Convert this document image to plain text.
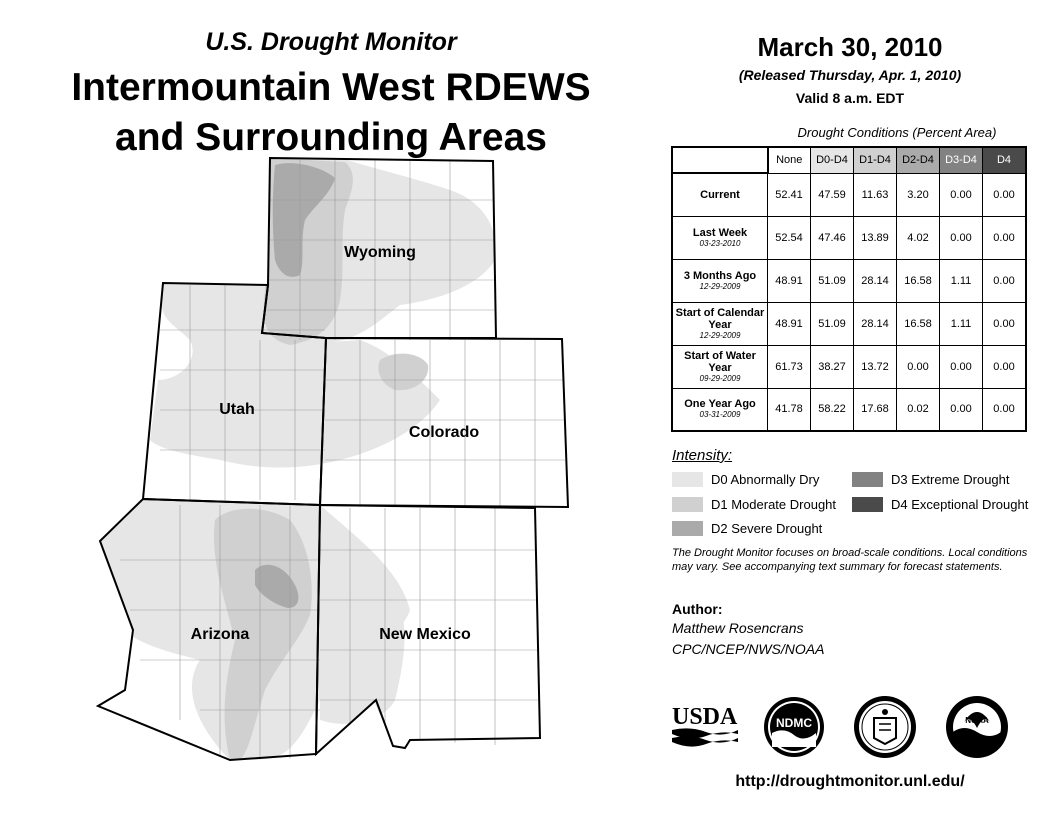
U.S. Drought Monitor
Intermountain West RDEWS
and Surrounding Areas
Wyoming
Utah
Colorado
Arizona	New Mexico
March 30, 2010
(Released Thursday, Apr. 1, 2010)
Valid 8 a.m. EDT
Drought Conditions (Percent Area)
	None	D0-D4	D1-D4	D2-D4	D3-D4	D4
Current	52.41	47.59	11.63	3.20	0.00	0.00
Last Week
03-23-2010	52.54	47.46	13.89	4.02	0.00	0.00
3 Months Ago
12-29-2009	48.91	51.09	28.14	16.58	1.11	0.00
Start of Calendar Year
12-29-2009	48.91	51.09	28.14	16.58	1.11	0.00
Start of Water Year
09-29-2009	61.73	38.27	13.72	0.00	0.00	0.00
One Year Ago
03-31-2009	41.78	58.22	17.68	0.02	0.00	0.00
Intensity:
D0 Abnormally Dry
D1 Moderate Drought
D2 Severe Drought
D3 Extreme Drought
D4 Exceptional Drought
The Drought Monitor focuses on broad-scale conditions. Local conditions may vary. See accompanying text summary for forecast statements.
Author:
Matthew Rosencrans
CPC/NCEP/NWS/NOAA
USDA	NDMC	NOAA
http://droughtmonitor.unl.edu/
